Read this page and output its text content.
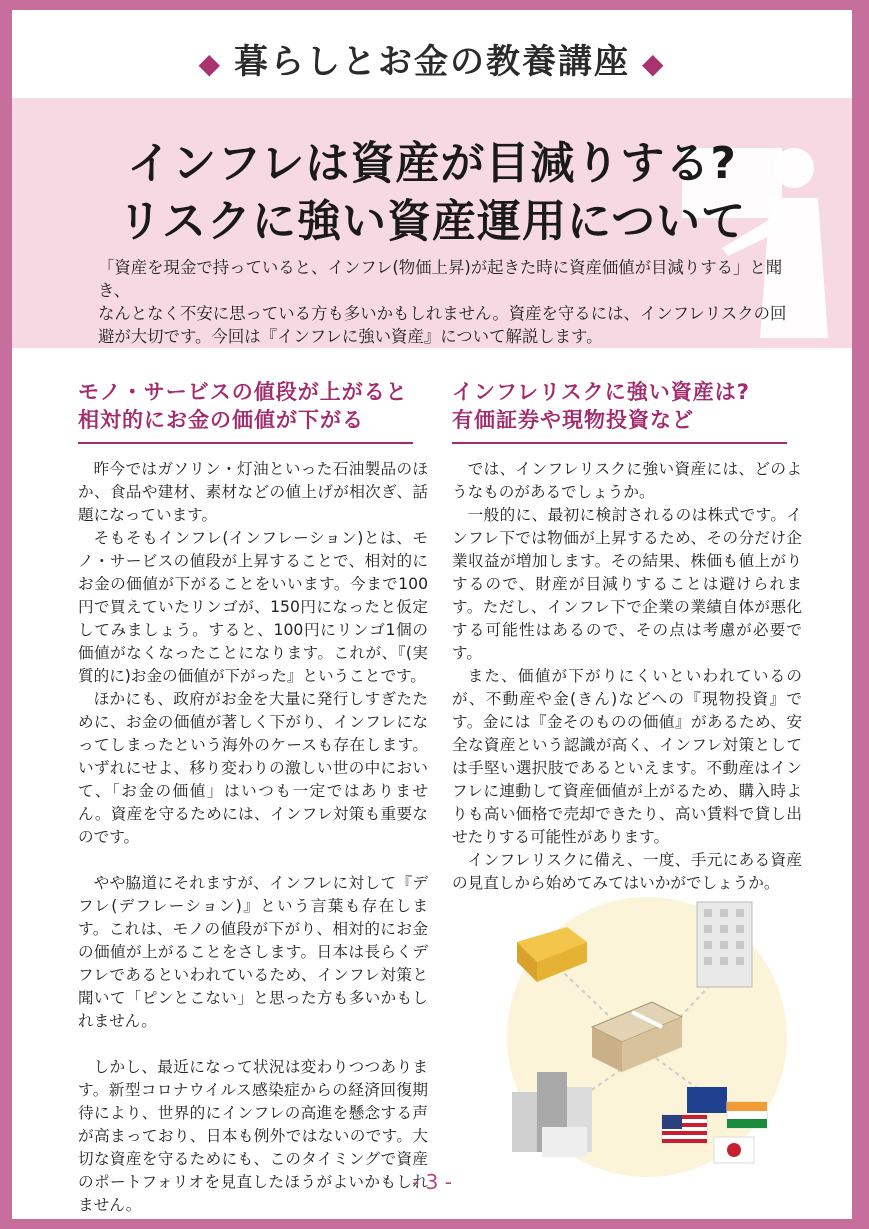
◆ 暮らしとお金の教養講座 ◆
インフレは資産が目減りする?
リスクに強い資産運用について

「資産を現金で持っていると、インフレ(物価上昇)が起きた時に資産価値が目減りする」と聞き、

なんとなく不安に思っている方も多いかもしれません。資産を守るには、インフレリスクの回

避が大切です。今回は『インフレに強い資産』について解説します。

モノ・サービスの値段が上がると
相対的にお金の価値が下がる

昨今ではガソリン・灯油といった石油製品のほか、食品や建材、素材などの値上げが相次ぎ、話題になっています。

そもそもインフレ(インフレーション)とは、モノ・サービスの値段が上昇することで、相対的にお金の価値が下がることをいいます。今まで100円で買えていたリンゴが、150円になったと仮定してみましょう。すると、100円にリンゴ1個の価値がなくなったことになります。これが、『(実質的に)お金の価値が下がった』ということです。

ほかにも、政府がお金を大量に発行しすぎたために、お金の価値が著しく下がり、インフレになってしまったという海外のケースも存在します。いずれにせよ、移り変わりの激しい世の中において、「お金の価値」はいつも一定ではありません。資産を守るためには、インフレ対策も重要なのです。

やや脇道にそれますが、インフレに対して『デフレ(デフレーション)』という言葉も存在します。これは、モノの値段が下がり、相対的にお金の価値が上がることをさします。日本は長らくデフレであるといわれているため、インフレ対策と聞いて「ピンとこない」と思った方も多いかもしれません。

しかし、最近になって状況は変わりつつあります。新型コロナウイルス感染症からの経済回復期待により、世界的にインフレの高進を懸念する声が高まっており、日本も例外ではないのです。大切な資産を守るためにも、このタイミングで資産のポートフォリオを見直したほうがよいかもしれません。

インフレリスクに強い資産は?
有価証券や現物投資など

では、インフレリスクに強い資産には、どのようなものがあるでしょうか。

一般的に、最初に検討されるのは株式です。インフレ下では物価が上昇するため、その分だけ企業収益が増加します。その結果、株価も値上がりするので、財産が目減りすることは避けられます。ただし、インフレ下で企業の業績自体が悪化する可能性はあるので、その点は考慮が必要です。

また、価値が下がりにくいといわれているのが、不動産や金(きん)などへの『現物投資』です。金には『金そのものの価値』があるため、安全な資産という認識が高く、インフレ対策としては手堅い選択肢であるといえます。不動産はインフレに連動して資産価値が上がるため、購入時よりも高い価格で売却できたり、高い賃料で貸し出せたりする可能性があります。

インフレリスクに備え、一度、手元にある資産の見直しから始めてみてはいかがでしょうか。

- 3 -
